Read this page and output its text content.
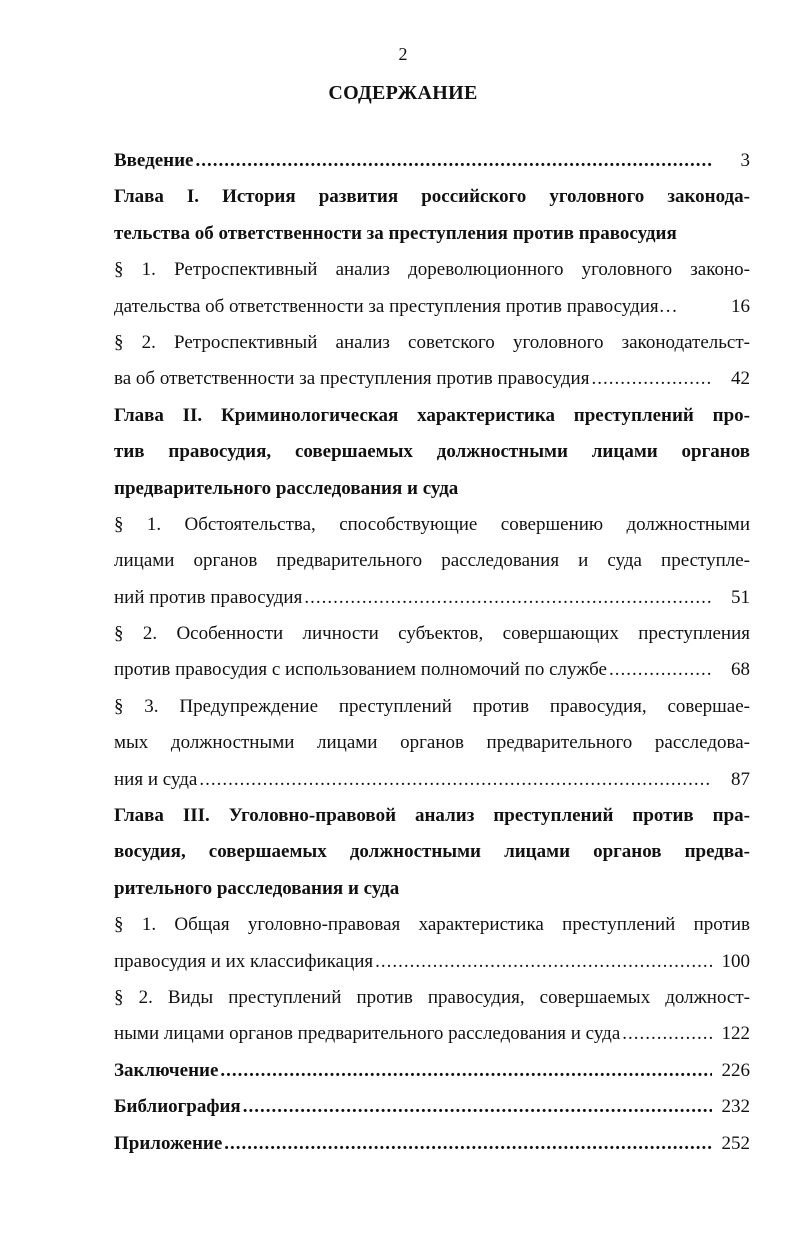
2
СОДЕРЖАНИЕ
Введение .....	3
Глава I. История развития российского уголовного законода-
тельства об ответственности за преступления против правосудия
§ 1. Ретроспективный анализ дореволюционного уголовного законо-
дательства об ответственности за преступления против правосудия…	16
§ 2. Ретроспективный анализ советского уголовного законодательст-
ва об ответственности за преступления против правосудия .....	42
Глава II. Криминологическая характеристика преступлений про-
тив правосудия, совершаемых должностными лицами органов
предварительного расследования и суда
§ 1. Обстоятельства, способствующие совершению должностными
лицами органов предварительного расследования и суда преступле-
ний против правосудия .....	51
§ 2. Особенности личности субъектов, совершающих преступления
против правосудия с использованием полномочий по службе .....	68
§ 3. Предупреждение преступлений против правосудия, совершае-
мых должностными лицами органов предварительного расследова-
ния и суда .....	87
Глава III. Уголовно-правовой анализ преступлений против пра-
восудия, совершаемых должностными лицами органов предва-
рительного расследования и суда
§ 1. Общая уголовно-правовая характеристика преступлений против
правосудия и их классификация .....	100
§ 2. Виды преступлений против правосудия, совершаемых должност-
ными лицами органов предварительного расследования и суда .....	122
Заключение .....	226
Библиография .....	232
Приложение .....	252
